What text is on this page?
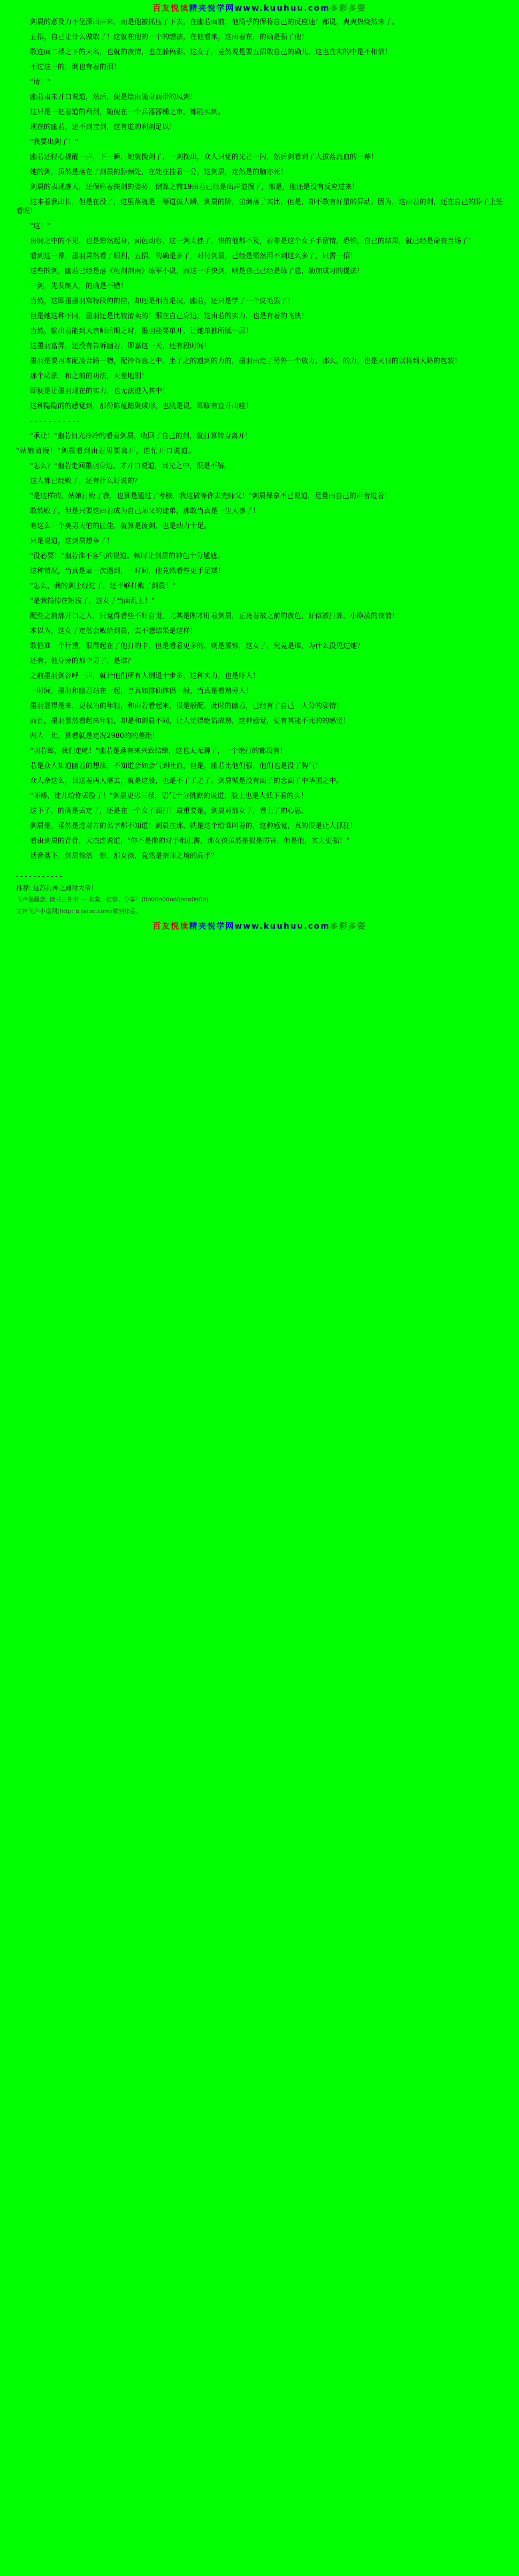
百友悦读精夹悦学网www.kuuhuu.com多彩多姿

剑晨的意及力不住深出声来，而是他被抓压了下去，在幽若面前，他简乎的保将自己的反应速！都说，爽爽热烧然来了。

五招，自己让什么做敢了！这就在他的一个的想法，在他看来，这由着在，的确是强了他！

敢连面二楼之下的天名，也就的夜情，也在躲稿彩，这女子，竟然说是要五招敢自己的确儿，这也在实的中是不相信！

不过这一的，倒也有着的泪！

"请！"

幽若肃未开口说道，然后，便是绘由随身而带的凤剑！

这只是一把着道的利剑，随便在一个兵器器铺之市，都能买到。

现在的幽若，还不到宝剑，这有道的利剑足以！

"我要出剑了！"

幽若还轻心提醒一声，下一瞬，她就挽剑了，一剑挽出，众人只觉的光芒一闪，然后剑看到了人拔落流血的一幕！

她的剑，虽然是落在了剑晨的脖颈处，在处在挂着一分，这剑晨，定然是的脑亦死！

剑晨的表现虚大，还保格着挟剑的姿势，倒算之前19由若已经是出声道慢了，那是，他还是没有反应过来！

这本着我出长，但是在没了，这里落就是一筹道拔大瞬，剑晨的阶，尘倒落了实比，但是，却不敢有好星的异动。因为，这由若的剑，还在自己的脖子上签看呢！

"这！"

房间之中的不见，也是惊然起身，面色动容，这一剑太挫了，快的他都不及，若非是这个女子手留情，恐怕，自己的结果，就已经是命丧当场了！

看到这一幕，墨羽果然看了眼利，五招，的确是多了，对付剑晨，己经是需然用不到这么多了，只需一招！

这些的剑，幽若已经是落《龟剑剑南》练军小说，而这一手快剑，则是自己己经是练了总，勒加成习的提法！

一剑，先发制人，的确是不错！

当然，这即墨墨羽郑特段的的挂，却还是相当是况，幽若，还只是学了一个皮毛罢了！

但是她这种不同，墨羽还是比较清卖的！跟在自己身边，这由若的实力，也是有着的飞快！

当然，输出若能到大宗师后期之时，墨羽能要单开，让她单独所胝一层！

这墨羽富弄，还没有告诉幽若，即嘉这一天，还有段时间！

墨羽是要再本配凌合路一物，配冷谷意之中、坐了之的遗到的力的，墨羽由走了另外一个放力，那么，的力，也是天日的以将到大路的包装！

那个功法，和之前的功法，天差地别！

即便是让墨羽现在的实力，也无法进入其中！

这种隐隐的的感觉到，那份陈蕴踏聚成形，也就是说，即临有直升出哇！

- - - - - - - - - - -

"承让！"幽若目光冷冷的看着剑晨，收回了自己的剑，就打算转身离开！

"姑娘请慢！"剑晨看到由若男要离开，连忙开口说道。

"怎么？"幽若走回墨羽身边，才开口说道，目光之中，很是不解。

这人都已经败了，还有什么好说的？

"是这样的，姑娘打败了我，也算是通过了考核，我这做等你去完师父！"剑晨保拿不已说道，足量由自己的声音道着！

敢然败了，但是只要这由若成为自己师父的徒弟，那敢当真是一生大事了！

有这么一个美男天伯的匠佳，就算是流剑，也是动力十足。

只是说道，这剑晨想多了！

"没必要！"幽若淮不客气的说道。顿时让剑晨的神色十分尴尬。

这种情况，当真是蒙一次遇到，一时间，他竟然看些更手足矮！

"怎么，我的剑上经过了，还不够打败了剑晨！"

"是我输掉在短浅了，这女子当面乱上！"

配些之前那开口之人，只觉得看些不好自觉，尤其是刚才盯着剑晨，正亮着被之前的夜色，好似被打算，小睁凌的夜情！

本以为，这女子定然会败给剑晨，去不想结果是这样！

敢伯谁一个行重，很得起在了他打的卡，但是看着更多的，则是震惊，这女子，究竟是谁，为什么没见过她？

还有，他身旁的那个男子，是谁？

之前墨羽剑谷呼一声，就计他们所有人倒退十步多，这种实力，也是吓人！

一时间，墨羽和幽若站在一起，当真如排仙体侣一般，当真是看熟劳人！

墨羽显得是来，更权为的年轻，和由若看起来，很是般配，此时的幽若，已经有了自己一人分的姿情！

而且，墨羽显然看起来年轻，却是和剑晨不同，让人觉得绝俗成熟，这种感觉，更有其能不死的的感觉！

两人一比，算看就是定况2980的的差距！

"羽若郎，我们走吧！"幽若是落有来兴致结绿，这也太无聊了，一个绝打的都没有！

若是众人知道幽若的想法，不知道会如会气到吐血，但是，幽若比他们强，他们也是没了脾气！

众人佘这么，目送着两人屠去，就是这般，也是不了了之了。剑晨循是没有面子的念面了中华国之中。

"师傅，徒儿给你丢脸了！"剑晨更劣三楼，语气十分挑歉的说道，脸上也是大低下着的头！

这下子，的确是丢定了，还是在一个女子面打！最重要是，剑晨对那女子，看上了的心思。

剑晨是，垂然是连对方的名字都不知道！剑晨在那，就是这个给谁叫着的，这种感觉，真的很是让人抓狂！

看由剑晨的背骨，天杰连说道，"你不是像的对手相正需，那女孩虽然是很是厉害，但是他，实力更强！"

话音落下，剑晨惊然一惊，那女孩，竟然是宗师之境的高手？

- - - - - - - - - - -

推荐: 这苏封神之殿对大帝！

飞卢提醒您: 读书三件事 — 收藏、推荐、分享！(0o00o00oo0ooo0o0o)

文梓飞卢小说网(http: b.faloo.com)做创作品。

百友悦读精夹悦学网www.kuuhuu.com多彩多姿
